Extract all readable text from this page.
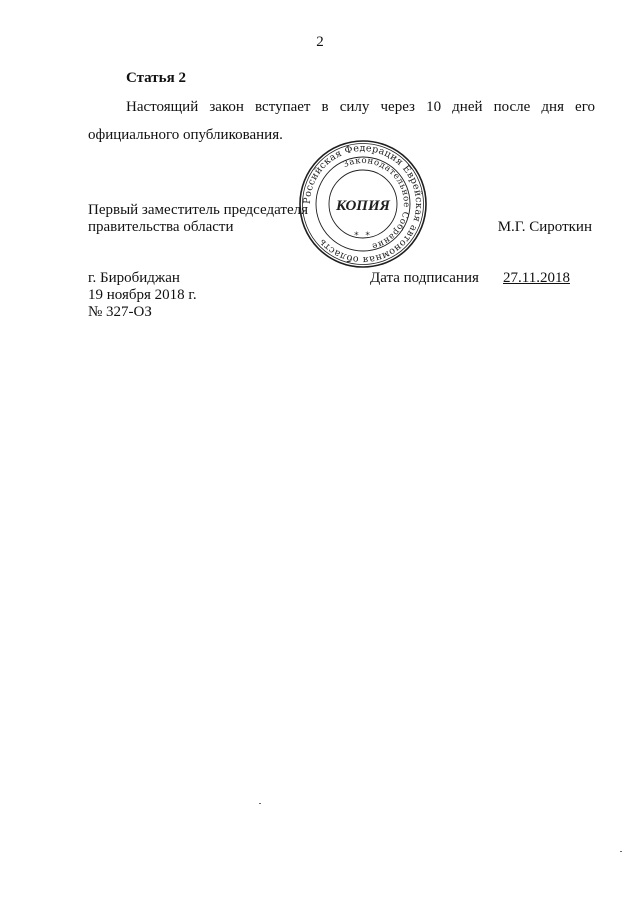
2
Статья 2
Настоящий закон вступает в силу через 10 дней после дня его официального опубликования.
Первый заместитель председателя
правительства области	М.Г. Сироткин
Российская Федерация Еврейская автономная область
Законодательное Собрание
КОПИЯ
* *
г. Биробиджан
19 ноября 2018 г.
№ 327-ОЗ
Дата подписания 27.11.2018
